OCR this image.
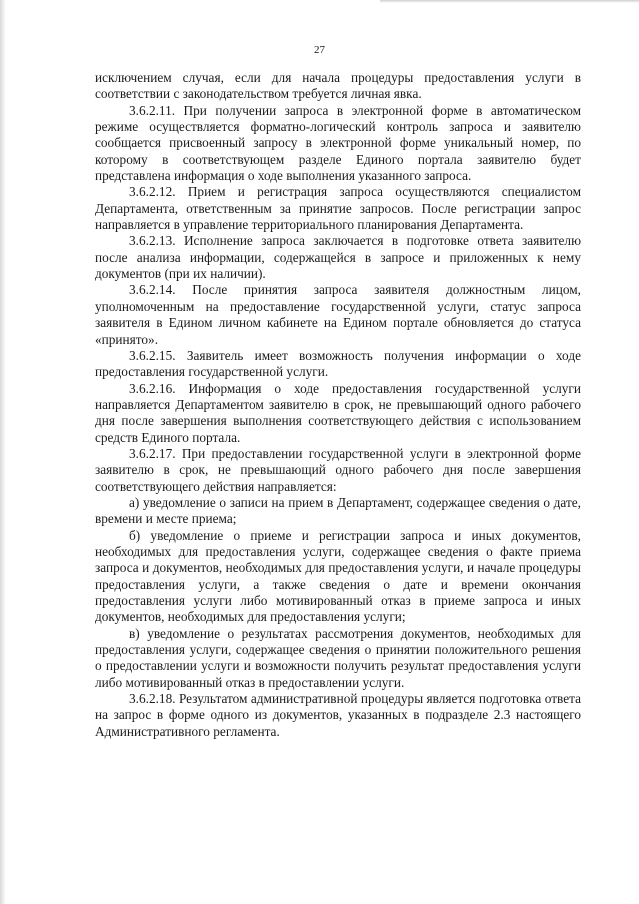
27

исключением случая, если для начала процедуры предоставления услуги в соответствии с законодательством требуется личная явка.

3.6.2.11. При получении запроса в электронной форме в автоматическом режиме осуществляется форматно-логический контроль запроса и заявителю сообщается присвоенный запросу в электронной форме уникальный номер, по которому в соответствующем разделе Единого портала заявителю будет представлена информация о ходе выполнения указанного запроса.

3.6.2.12. Прием и регистрация запроса осуществляются специалистом Департамента, ответственным за принятие запросов. После регистрации запрос направляется в управление территориального планирования Департамента.

3.6.2.13. Исполнение запроса заключается в подготовке ответа заявителю после анализа информации, содержащейся в запросе и приложенных к нему документов (при их наличии).

3.6.2.14. После принятия запроса заявителя должностным лицом, уполномоченным на предоставление государственной услуги, статус запроса заявителя в Едином личном кабинете на Едином портале обновляется до статуса «принято».

3.6.2.15. Заявитель имеет возможность получения информации о ходе предоставления государственной услуги.

3.6.2.16. Информация о ходе предоставления государственной услуги направляется Департаментом заявителю в срок, не превышающий одного рабочего дня после завершения выполнения соответствующего действия с использованием средств Единого портала.

3.6.2.17. При предоставлении государственной услуги в электронной форме заявителю в срок, не превышающий одного рабочего дня после завершения соответствующего действия направляется:

а) уведомление о записи на прием в Департамент, содержащее сведения о дате, времени и месте приема;

б) уведомление о приеме и регистрации запроса и иных документов, необходимых для предоставления услуги, содержащее сведения о факте приема запроса и документов, необходимых для предоставления услуги, и начале процедуры предоставления услуги, а также сведения о дате и времени окончания предоставления услуги либо мотивированный отказ в приеме запроса и иных документов, необходимых для предоставления услуги;

в) уведомление о результатах рассмотрения документов, необходимых для предоставления услуги, содержащее сведения о принятии положительного решения о предоставлении услуги и возможности получить результат предоставления услуги либо мотивированный отказ в предоставлении услуги.

3.6.2.18. Результатом административной процедуры является подготовка ответа на запрос в форме одного из документов, указанных в подразделе 2.3 настоящего Административного регламента.
